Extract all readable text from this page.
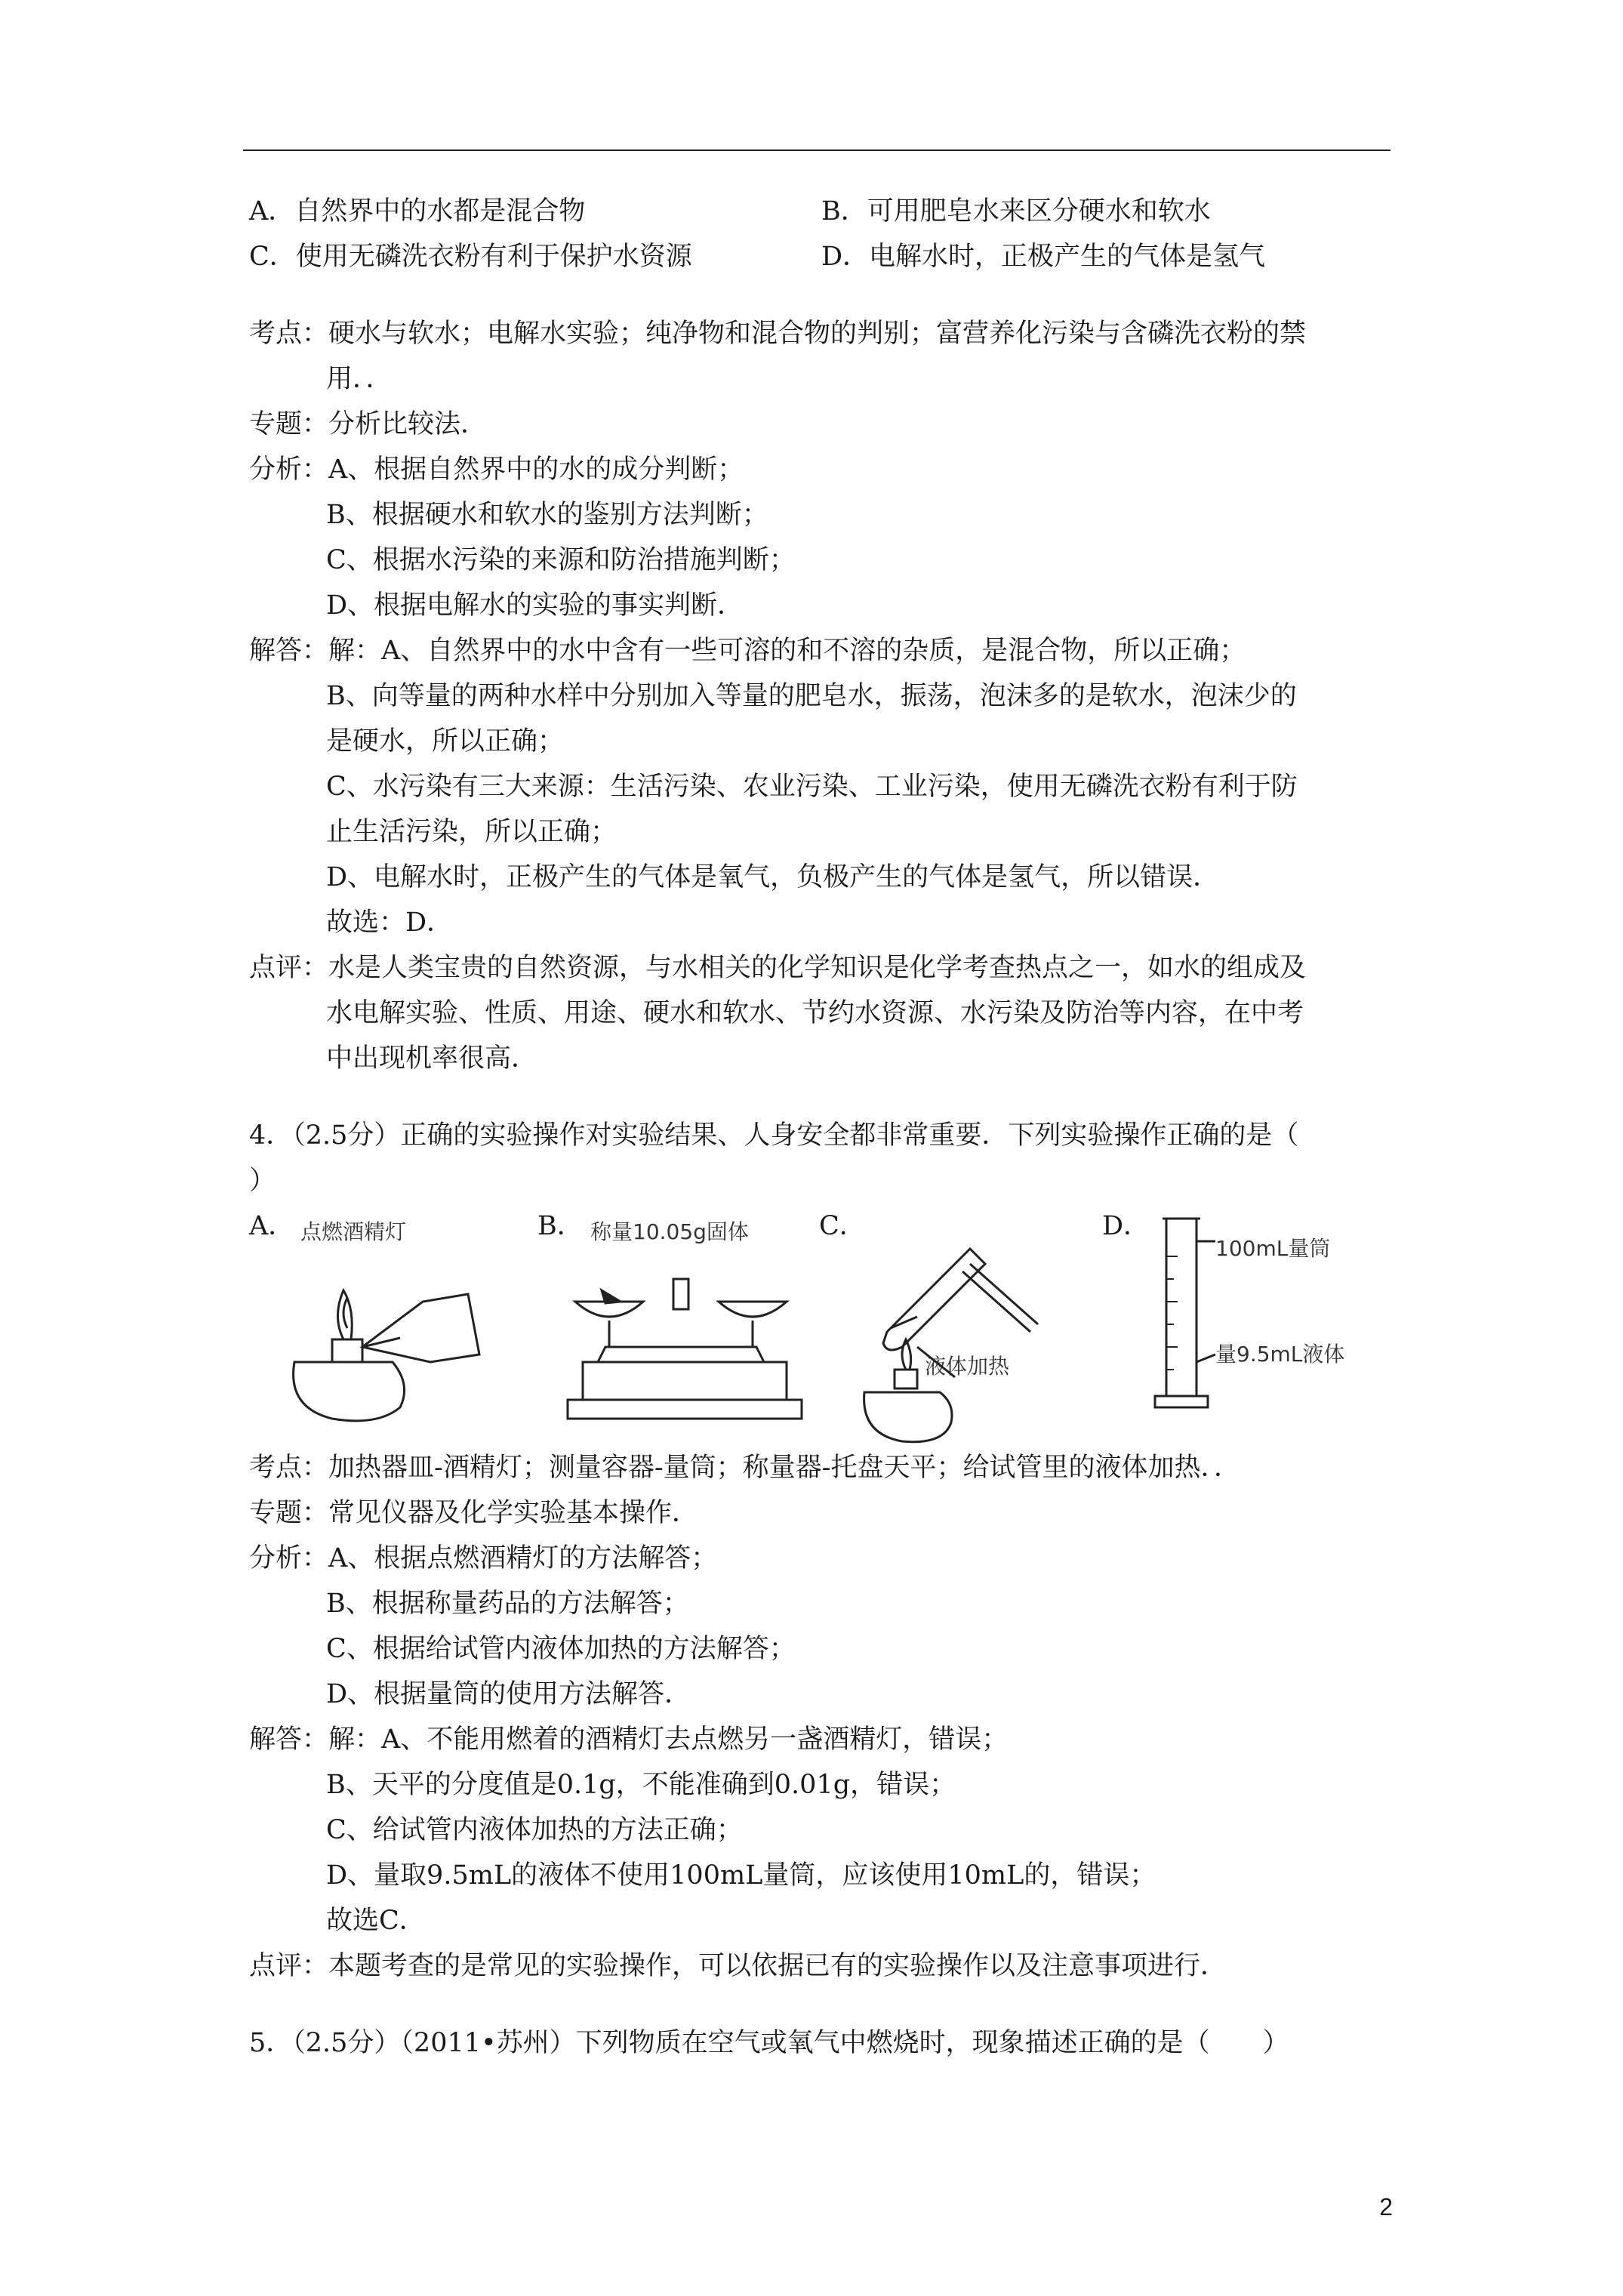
A．自然界中的水都是混合物	B．可用肥皂水来区分硬水和软水
C．使用无磷洗衣粉有利于保护水资源	D．电解水时，正极产生的气体是氢气
考点：硬水与软水；电解水实验；纯净物和混合物的判别；富营养化污染与含磷洗衣粉的禁
用．．
专题：分析比较法．
分析：A、根据自然界中的水的成分判断；
B、根据硬水和软水的鉴别方法判断；
C、根据水污染的来源和防治措施判断；
D、根据电解水的实验的事实判断．
解答：解：A、自然界中的水中含有一些可溶的和不溶的杂质，是混合物，所以正确；
B、向等量的两种水样中分别加入等量的肥皂水，振荡，泡沫多的是软水，泡沫少的
是硬水，所以正确；
C、水污染有三大来源：生活污染、农业污染、工业污染，使用无磷洗衣粉有利于防
止生活污染，所以正确；
D、电解水时，正极产生的气体是氧气，负极产生的气体是氢气，所以错误．
故选：D．
点评：水是人类宝贵的自然资源，与水相关的化学知识是化学考查热点之一，如水的组成及
水电解实验、性质、用途、硬水和软水、节约水资源、水污染及防治等内容，在中考
中出现机率很高．
4．（2.5分）正确的实验操作对实验结果、人身安全都非常重要．下列实验操作正确的是（
）
A． 点燃酒精灯	B． 称量10.05g固体	C．
液体加热
D．
100mL量筒
量9.5mL液体
考点：加热器皿-酒精灯；测量容器-量筒；称量器-托盘天平；给试管里的液体加热．．
专题：常见仪器及化学实验基本操作．
分析：A、根据点燃酒精灯的方法解答；
B、根据称量药品的方法解答；
C、根据给试管内液体加热的方法解答；
D、根据量筒的使用方法解答．
解答：解：A、不能用燃着的酒精灯去点燃另一盏酒精灯，错误；
B、天平的分度值是0.1g，不能准确到0.01g，错误；
C、给试管内液体加热的方法正确；
D、量取9.5mL的液体不使用100mL量筒，应该使用10mL的，错误；
故选C．
点评：本题考查的是常见的实验操作，可以依据已有的实验操作以及注意事项进行．
5．（2.5分）（2011•苏州）下列物质在空气或氧气中燃烧时，现象描述正确的是（　　）
2
